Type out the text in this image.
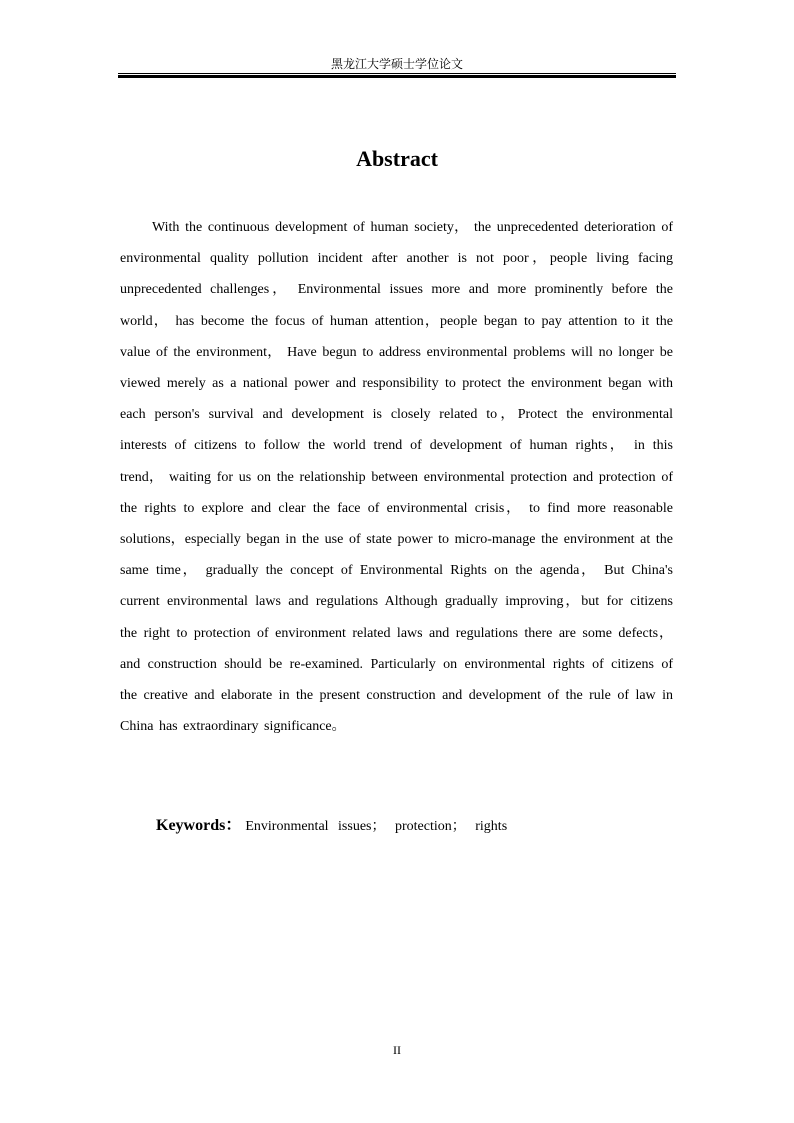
黑龙江大学硕士学位论文
Abstract

With the continuous development of human society， the unprecedented deterioration of environmental quality pollution incident after another is not poor，people living facing unprecedented challenges， Environmental issues more and more prominently before the world， has become the focus of human attention，people began to pay attention to it the value of the environment， Have begun to address environmental problems will no longer be viewed merely as a national power and responsibility to protect the environment began with each person's survival and development is closely related to，Protect the environmental interests of citizens to follow the world trend of development of human rights， in this trend， waiting for us on the relationship between environmental protection and protection of the rights to explore and clear the face of environmental crisis， to find more reasonable solutions，especially began in the use of state power to micro-manage the environment at the same time， gradually the concept of Environmental Rights on the agenda， But China's current environmental laws and regulations Although gradually improving，but for citizens the right to protection of environment related laws and regulations there are some defects， and construction should be re-examined. Particularly on environmental rights of citizens of the creative and elaborate in the present construction and development of the rule of law in China has extraordinary significance。

Keywords： Environmental issues； protection； rights
II
